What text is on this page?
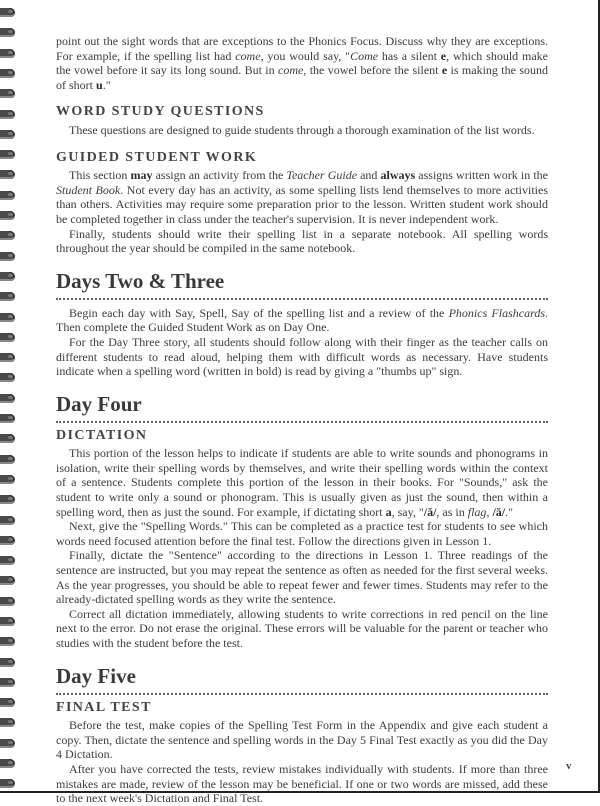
point out the sight words that are exceptions to the Phonics Focus. Discuss why they are exceptions. For example, if the spelling list had come, you would say, "Come has a silent e, which should make the vowel before it say its long sound. But in come, the vowel before the silent e is making the sound of short u."

WORD STUDY QUESTIONS

These questions are designed to guide students through a thorough examination of the list words.

GUIDED STUDENT WORK

This section may assign an activity from the Teacher Guide and always assigns written work in the Student Book. Not every day has an activity, as some spelling lists lend themselves to more activities than others. Activities may require some preparation prior to the lesson. Written student work should be completed together in class under the teacher's supervision. It is never independent work.

Finally, students should write their spelling list in a separate notebook. All spelling words throughout the year should be compiled in the same notebook.

Days Two & Three

Begin each day with Say, Spell, Say of the spelling list and a review of the Phonics Flashcards. Then complete the Guided Student Work as on Day One.

For the Day Three story, all students should follow along with their finger as the teacher calls on different students to read aloud, helping them with difficult words as necessary. Have students indicate when a spelling word (written in bold) is read by giving a "thumbs up" sign.

Day Four
DICTATION

This portion of the lesson helps to indicate if students are able to write sounds and phonograms in isolation, write their spelling words by themselves, and write their spelling words within the context of a sentence. Students complete this portion of the lesson in their books. For "Sounds," ask the student to write only a sound or phonogram. This is usually given as just the sound, then within a spelling word, then as just the sound. For example, if dictating short a, say, "/ă/, as in flag, /ă/."

Next, give the "Spelling Words." This can be completed as a practice test for students to see which words need focused attention before the final test. Follow the directions given in Lesson 1.

Finally, dictate the "Sentence" according to the directions in Lesson 1. Three readings of the sentence are instructed, but you may repeat the sentence as often as needed for the first several weeks. As the year progresses, you should be able to repeat fewer and fewer times. Students may refer to the already-dictated spelling words as they write the sentence.

Correct all dictation immediately, allowing students to write corrections in red pencil on the line next to the error. Do not erase the original. These errors will be valuable for the parent or teacher who studies with the student before the test.

Day Five
FINAL TEST

Before the test, make copies of the Spelling Test Form in the Appendix and give each student a copy. Then, dictate the sentence and spelling words in the Day 5 Final Test exactly as you did the Day 4 Dictation.

After you have corrected the tests, review mistakes individually with students. If more than three mistakes are made, review of the lesson may be beneficial. If one or two words are missed, add these to the next week's Dictation and Final Test.

v
